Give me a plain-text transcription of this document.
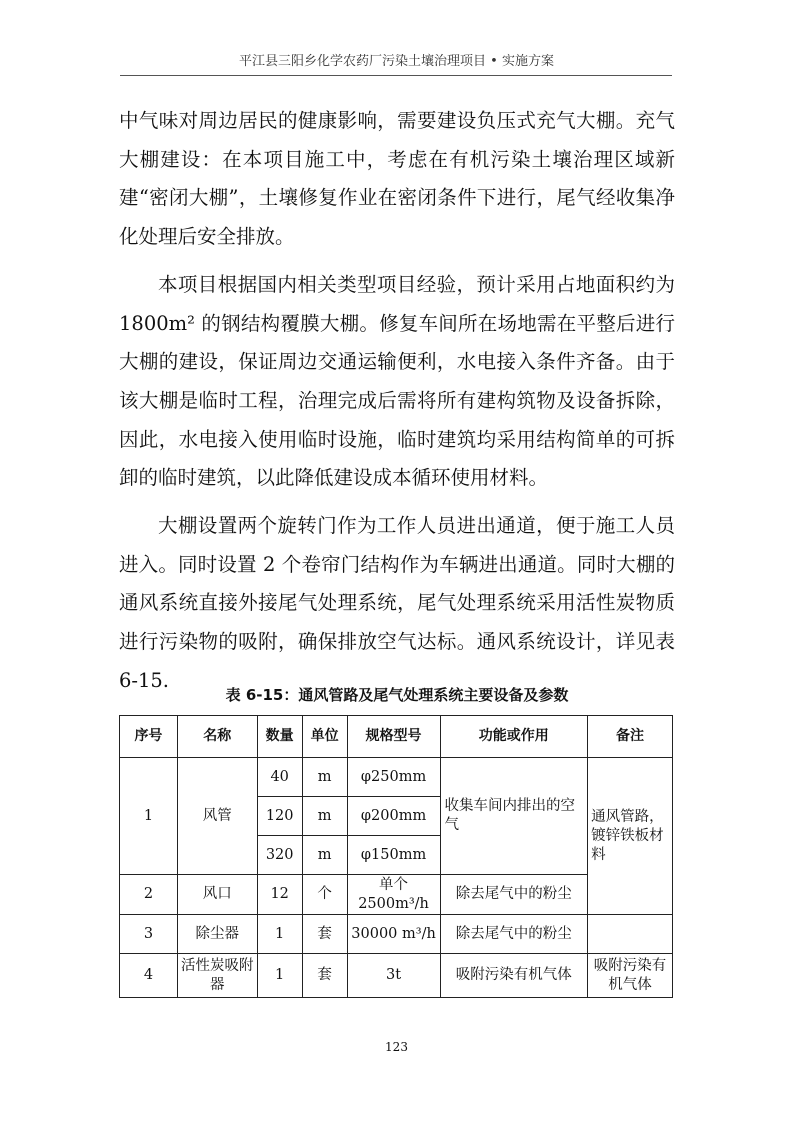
平江县三阳乡化学农药厂污染土壤治理项目 • 实施方案

中气味对周边居民的健康影响，需要建设负压式充气大棚。充气大棚建设：在本项目施工中，考虑在有机污染土壤治理区域新建“密闭大棚”，土壤修复作业在密闭条件下进行，尾气经收集净化处理后安全排放。

本项目根据国内相关类型项目经验，预计采用占地面积约为1800m² 的钢结构覆膜大棚。修复车间所在场地需在平整后进行大棚的建设，保证周边交通运输便利，水电接入条件齐备。由于该大棚是临时工程，治理完成后需将所有建构筑物及设备拆除，因此，水电接入使用临时设施，临时建筑均采用结构简单的可拆卸的临时建筑，以此降低建设成本循环使用材料。

大棚设置两个旋转门作为工作人员进出通道，便于施工人员进入。同时设置 2 个卷帘门结构作为车辆进出通道。同时大棚的通风系统直接外接尾气处理系统，尾气处理系统采用活性炭物质进行污染物的吸附，确保排放空气达标。通风系统设计，详见表 6-15.

表 6-15：通风管路及尾气处理系统主要设备及参数
序号	名称	数量	单位	规格型号	功能或作用	备注
1	风管	40	m	φ250mm	收集车间内排出的空气	通风管路，镀锌铁板材料
		120	m	φ200mm		
		320	m	φ150mm		
2	风口	12	个	单个 2500m³/h	除去尾气中的粉尘	
3	除尘器	1	套	30000 m³/h	除去尾气中的粉尘	
4	活性炭吸附器	1	套	3t	吸附污染有机气体	吸附污染有机气体
123
